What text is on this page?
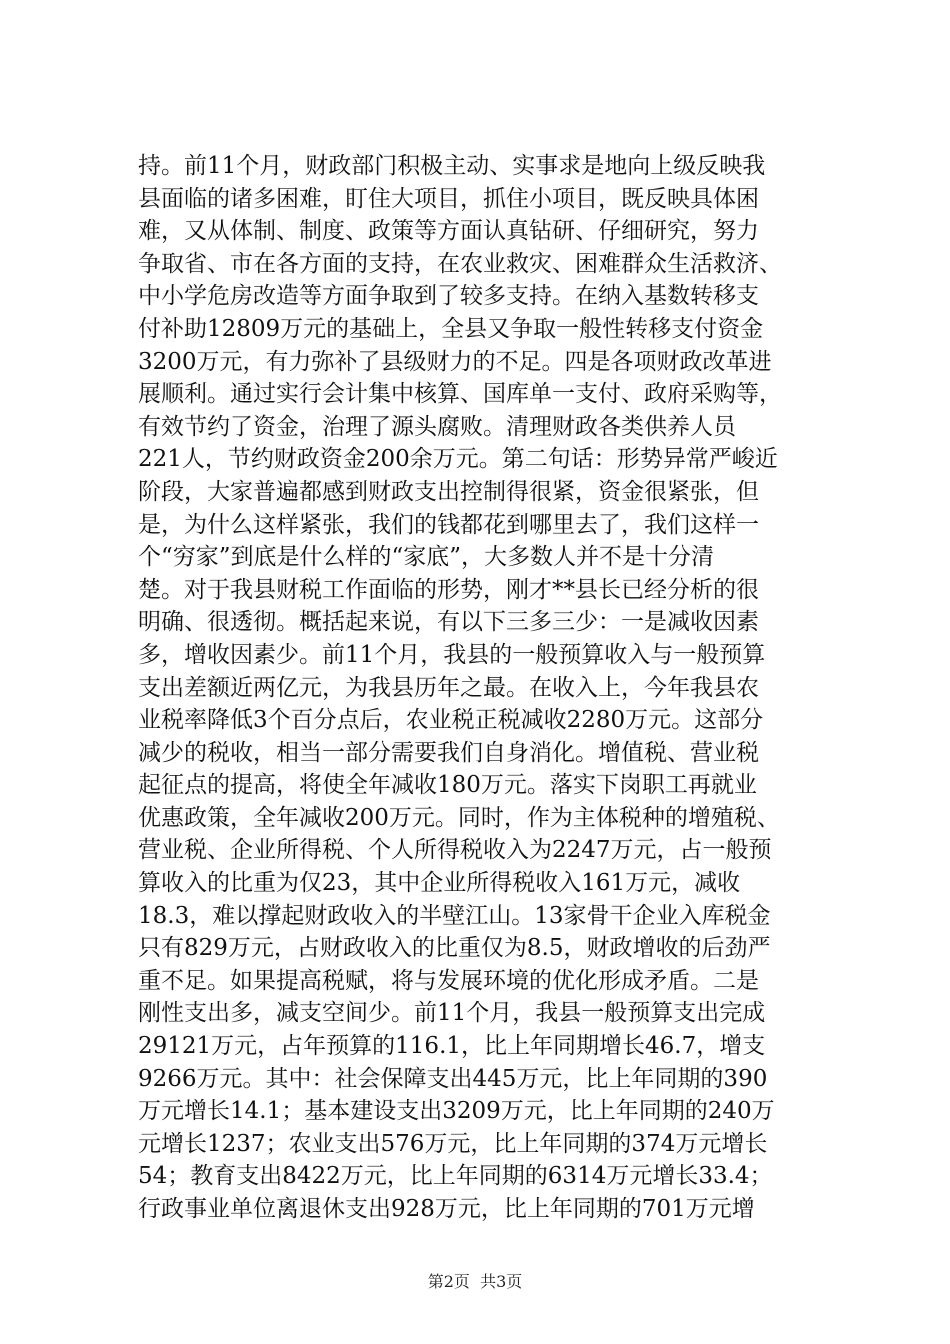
持。前11个月，财政部门积极主动、实事求是地向上级反映我
县面临的诸多困难，盯住大项目，抓住小项目，既反映具体困
难，又从体制、制度、政策等方面认真钻研、仔细研究，努力
争取省、市在各方面的支持，在农业救灾、困难群众生活救济、
中小学危房改造等方面争取到了较多支持。在纳入基数转移支
付补助12809万元的基础上，全县又争取一般性转移支付资金
3200万元，有力弥补了县级财力的不足。四是各项财政改革进
展顺利。通过实行会计集中核算、国库单一支付、政府采购等，
有效节约了资金，治理了源头腐败。清理财政各类供养人员
221人，节约财政资金200余万元。第二句话：形势异常严峻近
阶段，大家普遍都感到财政支出控制得很紧，资金很紧张，但
是，为什么这样紧张，我们的钱都花到哪里去了，我们这样一
个“穷家”到底是什么样的“家底”，大多数人并不是十分清
楚。对于我县财税工作面临的形势，刚才**县长已经分析的很
明确、很透彻。概括起来说，有以下三多三少：一是减收因素
多，增收因素少。前11个月，我县的一般预算收入与一般预算
支出差额近两亿元，为我县历年之最。在收入上，今年我县农
业税率降低3个百分点后，农业税正税减收2280万元。这部分
减少的税收，相当一部分需要我们自身消化。增值税、营业税
起征点的提高，将使全年减收180万元。落实下岗职工再就业
优惠政策，全年减收200万元。同时，作为主体税种的增殖税、
营业税、企业所得税、个人所得税收入为2247万元，占一般预
算收入的比重为仅23，其中企业所得税收入161万元，减收
18.3，难以撑起财政收入的半壁江山。13家骨干企业入库税金
只有829万元，占财政收入的比重仅为8.5，财政增收的后劲严
重不足。如果提高税赋，将与发展环境的优化形成矛盾。二是
刚性支出多，减支空间少。前11个月，我县一般预算支出完成
29121万元，占年预算的116.1，比上年同期增长46.7，增支
9266万元。其中：社会保障支出445万元，比上年同期的390
万元增长14.1；基本建设支出3209万元，比上年同期的240万
元增长1237；农业支出576万元，比上年同期的374万元增长
54；教育支出8422万元，比上年同期的6314万元增长33.4；
行政事业单位离退休支出928万元，比上年同期的701万元增
第2页  共3页
